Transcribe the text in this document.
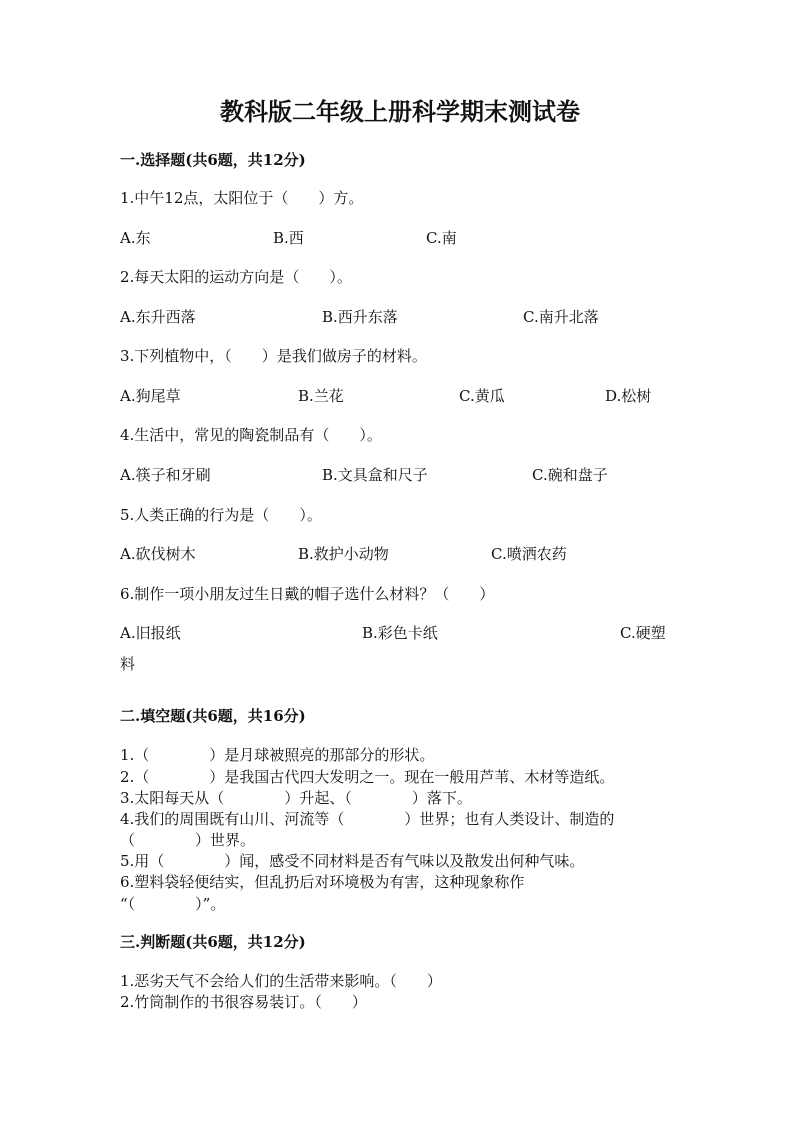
教科版二年级上册科学期末测试卷
一.选择题(共6题，共12分)
1.中午12点，太阳位于（　　）方。
A.东	B.西	C.南
2.每天太阳的运动方向是（　　）。
A.东升西落	B.西升东落	C.南升北落
3.下列植物中，（　　）是我们做房子的材料。
A.狗尾草	B.兰花	C.黄瓜	D.松树
4.生活中，常见的陶瓷制品有（　　）。
A.筷子和牙刷	B.文具盒和尺子	C.碗和盘子
5.人类正确的行为是（　　）。
A.砍伐树木	B.救护小动物	C.喷洒农药
6.制作一项小朋友过生日戴的帽子选什么材料？（　　）
A.旧报纸	B.彩色卡纸	C.硬塑
料
二.填空题(共6题，共16分)
1.（　　　　）是月球被照亮的那部分的形状。
2.（　　　　）是我国古代四大发明之一。现在一般用芦苇、木材等造纸。
3.太阳每天从（　　　　）升起、（　　　　）落下。
4.我们的周围既有山川、河流等（　　　　）世界；也有人类设计、制造的
（　　　　）世界。
5.用（　　　　）闻，感受不同材料是否有气味以及散发出何种气味。
6.塑料袋轻便结实，但乱扔后对环境极为有害，这种现象称作
“（　　　　）”。
三.判断题(共6题，共12分)
1.恶劣天气不会给人们的生活带来影响。（　　）
2.竹筒制作的书很容易装订。（　　）
